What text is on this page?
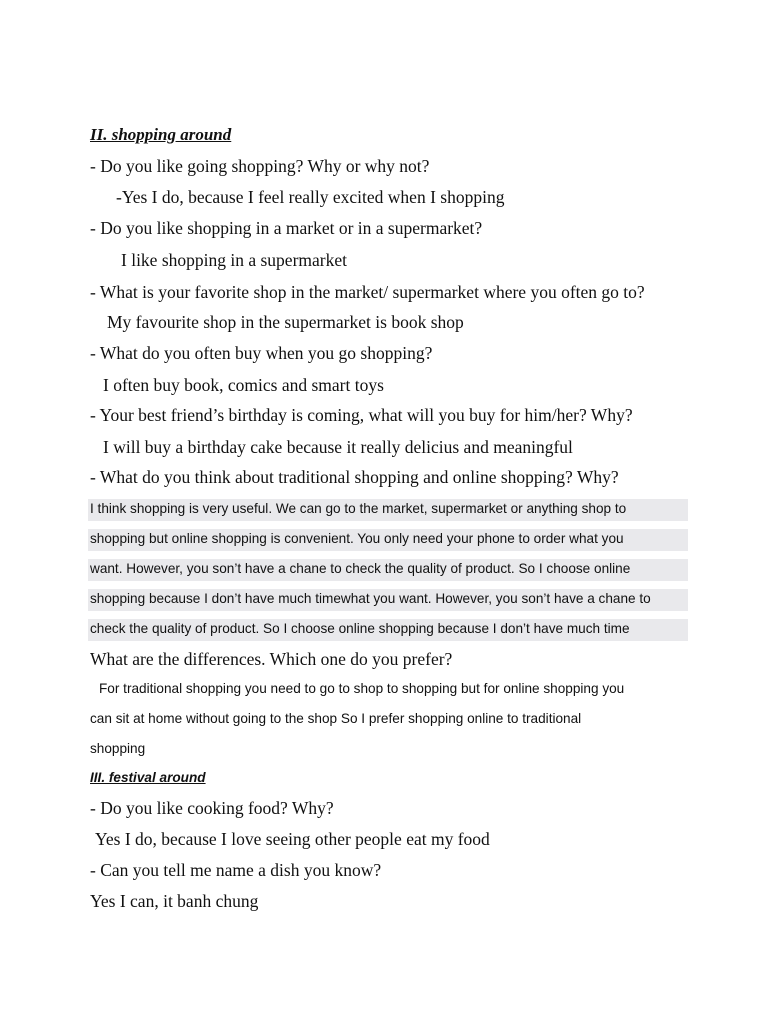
II. shopping around
- Do you like going shopping? Why or why not?
-Yes I do, because I feel really excited when I shopping
- Do you like shopping in a market or in a supermarket?
I like shopping in a supermarket
- What is your favorite shop in the market/ supermarket where you often go to?
My favourite shop in the supermarket is book shop
- What do you often buy when you go shopping?
I often buy book, comics and smart toys
- Your best friend’s birthday is coming, what will you buy for him/her? Why?
I will buy a birthday cake because it really delicius and meaningful
- What do you think about traditional shopping and online shopping? Why?
I think shopping is very useful. We can go to the market, supermarket or anything shop to
shopping but online shopping is convenient. You only need your phone to order what you
want. However, you son’t have a chane to check the quality of product. So I choose online
shopping because I don’t have much timewhat you want. However, you son’t have a chane to
check the quality of product. So I choose online shopping because I don’t have much time
What are the differences. Which one do you prefer?
For traditional shopping you need to go to shop to shopping but for online shopping you
can sit at home without going to the shop So I prefer shopping online to traditional
shopping
III. festival around
- Do you like cooking food? Why?
Yes I do, because I love seeing other people eat my food
- Can you tell me name a dish you know?
Yes I can, it banh chung
